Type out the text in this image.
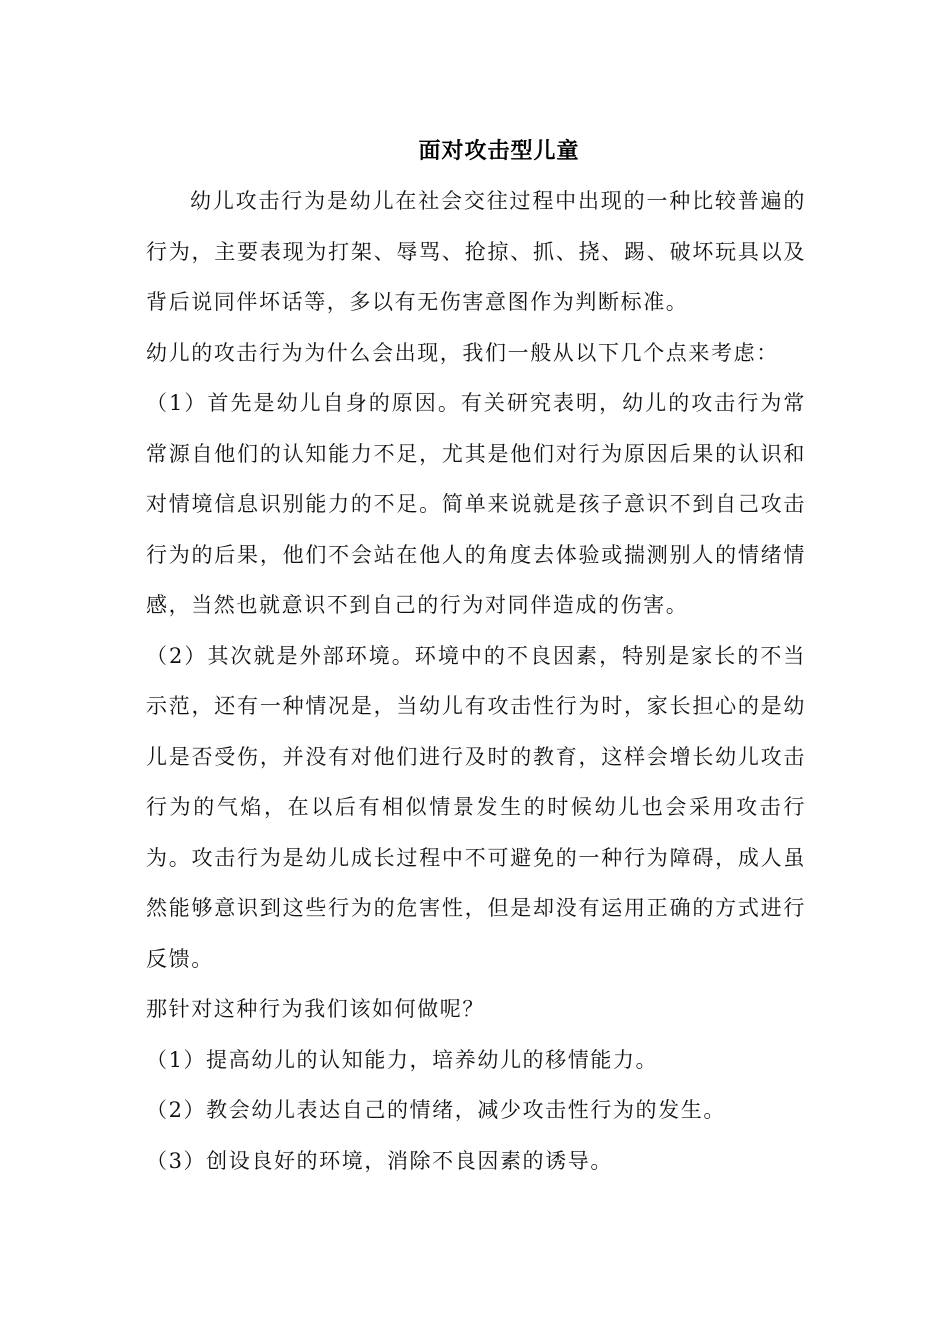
面对攻击型儿童

幼儿攻击行为是幼儿在社会交往过程中出现的一种比较普遍的行为，主要表现为打架、辱骂、抢掠、抓、挠、踢、破坏玩具以及背后说同伴坏话等，多以有无伤害意图作为判断标准。

幼儿的攻击行为为什么会出现，我们一般从以下几个点来考虑：

（1）首先是幼儿自身的原因。有关研究表明，幼儿的攻击行为常常源自他们的认知能力不足，尤其是他们对行为原因后果的认识和对情境信息识别能力的不足。简单来说就是孩子意识不到自己攻击行为的后果，他们不会站在他人的角度去体验或揣测别人的情绪情感，当然也就意识不到自己的行为对同伴造成的伤害。

（2）其次就是外部环境。环境中的不良因素，特别是家长的不当示范，还有一种情况是，当幼儿有攻击性行为时，家长担心的是幼儿是否受伤，并没有对他们进行及时的教育，这样会增长幼儿攻击行为的气焰，在以后有相似情景发生的时候幼儿也会采用攻击行为。攻击行为是幼儿成长过程中不可避免的一种行为障碍，成人虽然能够意识到这些行为的危害性，但是却没有运用正确的方式进行反馈。

那针对这种行为我们该如何做呢？

（1）提高幼儿的认知能力，培养幼儿的移情能力。

（2）教会幼儿表达自己的情绪，减少攻击性行为的发生。

（3）创设良好的环境，消除不良因素的诱导。
